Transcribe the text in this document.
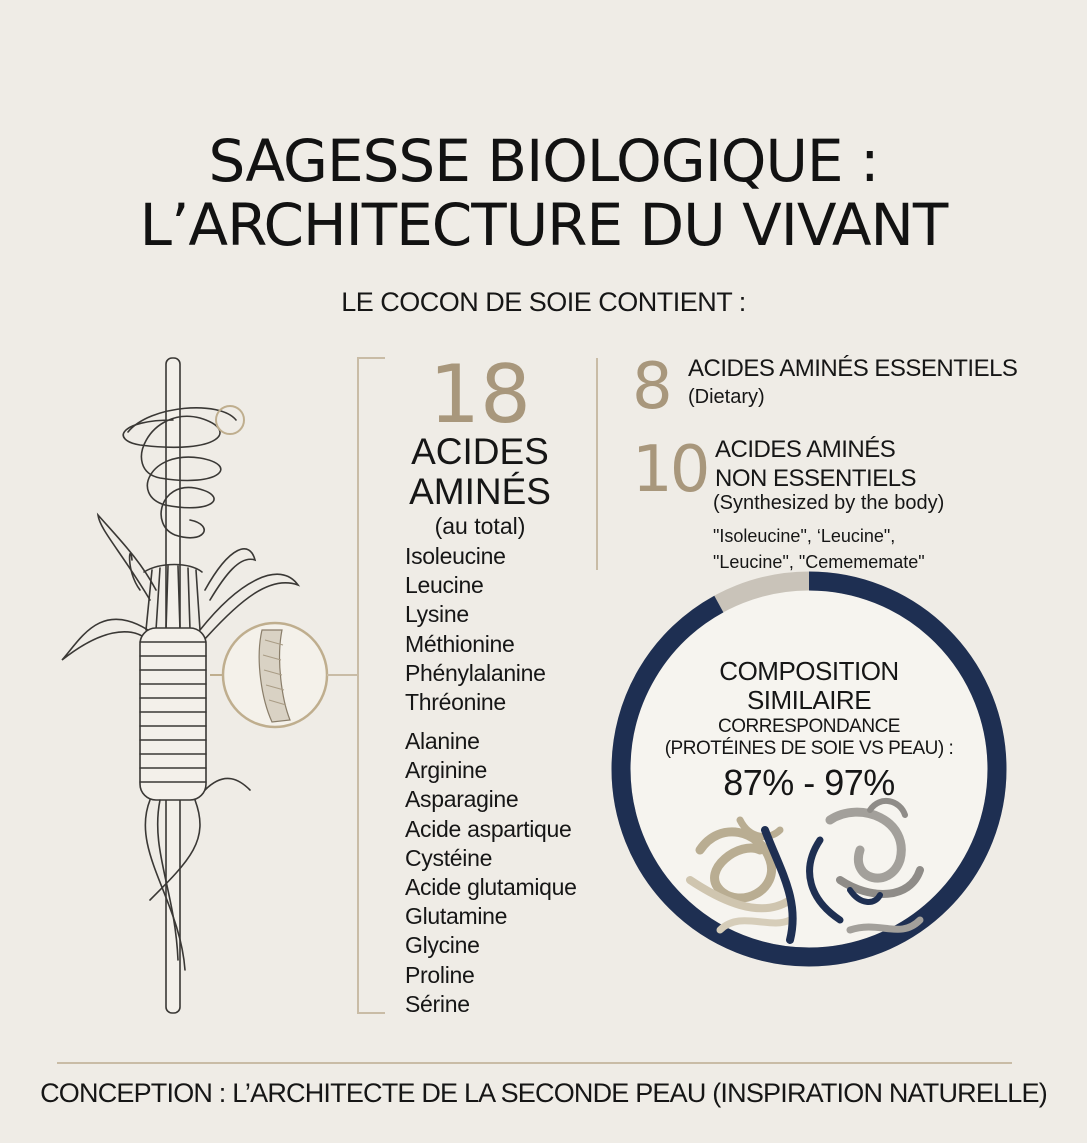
SAGESSE BIOLOGIQUE :
L’ARCHITECTURE DU VIVANT
LE COCON DE SOIE CONTIENT :
18
ACIDES
AMINÉS
(au total)
Isoleucine
Leucine
Lysine
Méthionine
Phénylalanine
Thréonine
Alanine
Arginine
Asparagine
Acide aspartique
Cystéine
Acide glutamique
Glutamine
Glycine
Proline
Sérine
8 ACIDES AMINÉS ESSENTIELS
(Dietary)
10 ACIDES AMINÉS
NON ESSENTIELS
(Synthesized by the body)
"Isoleucine", ‘Leucine",
"Leucine", "Cemememate"
COMPOSITION
SIMILAIRE
CORRESPONDANCE
(PROTÉINES DE SOIE VS PEAU) :
87% - 97%
CONCEPTION : L’ARCHITECTE DE LA SECONDE PEAU (INSPIRATION NATURELLE)
